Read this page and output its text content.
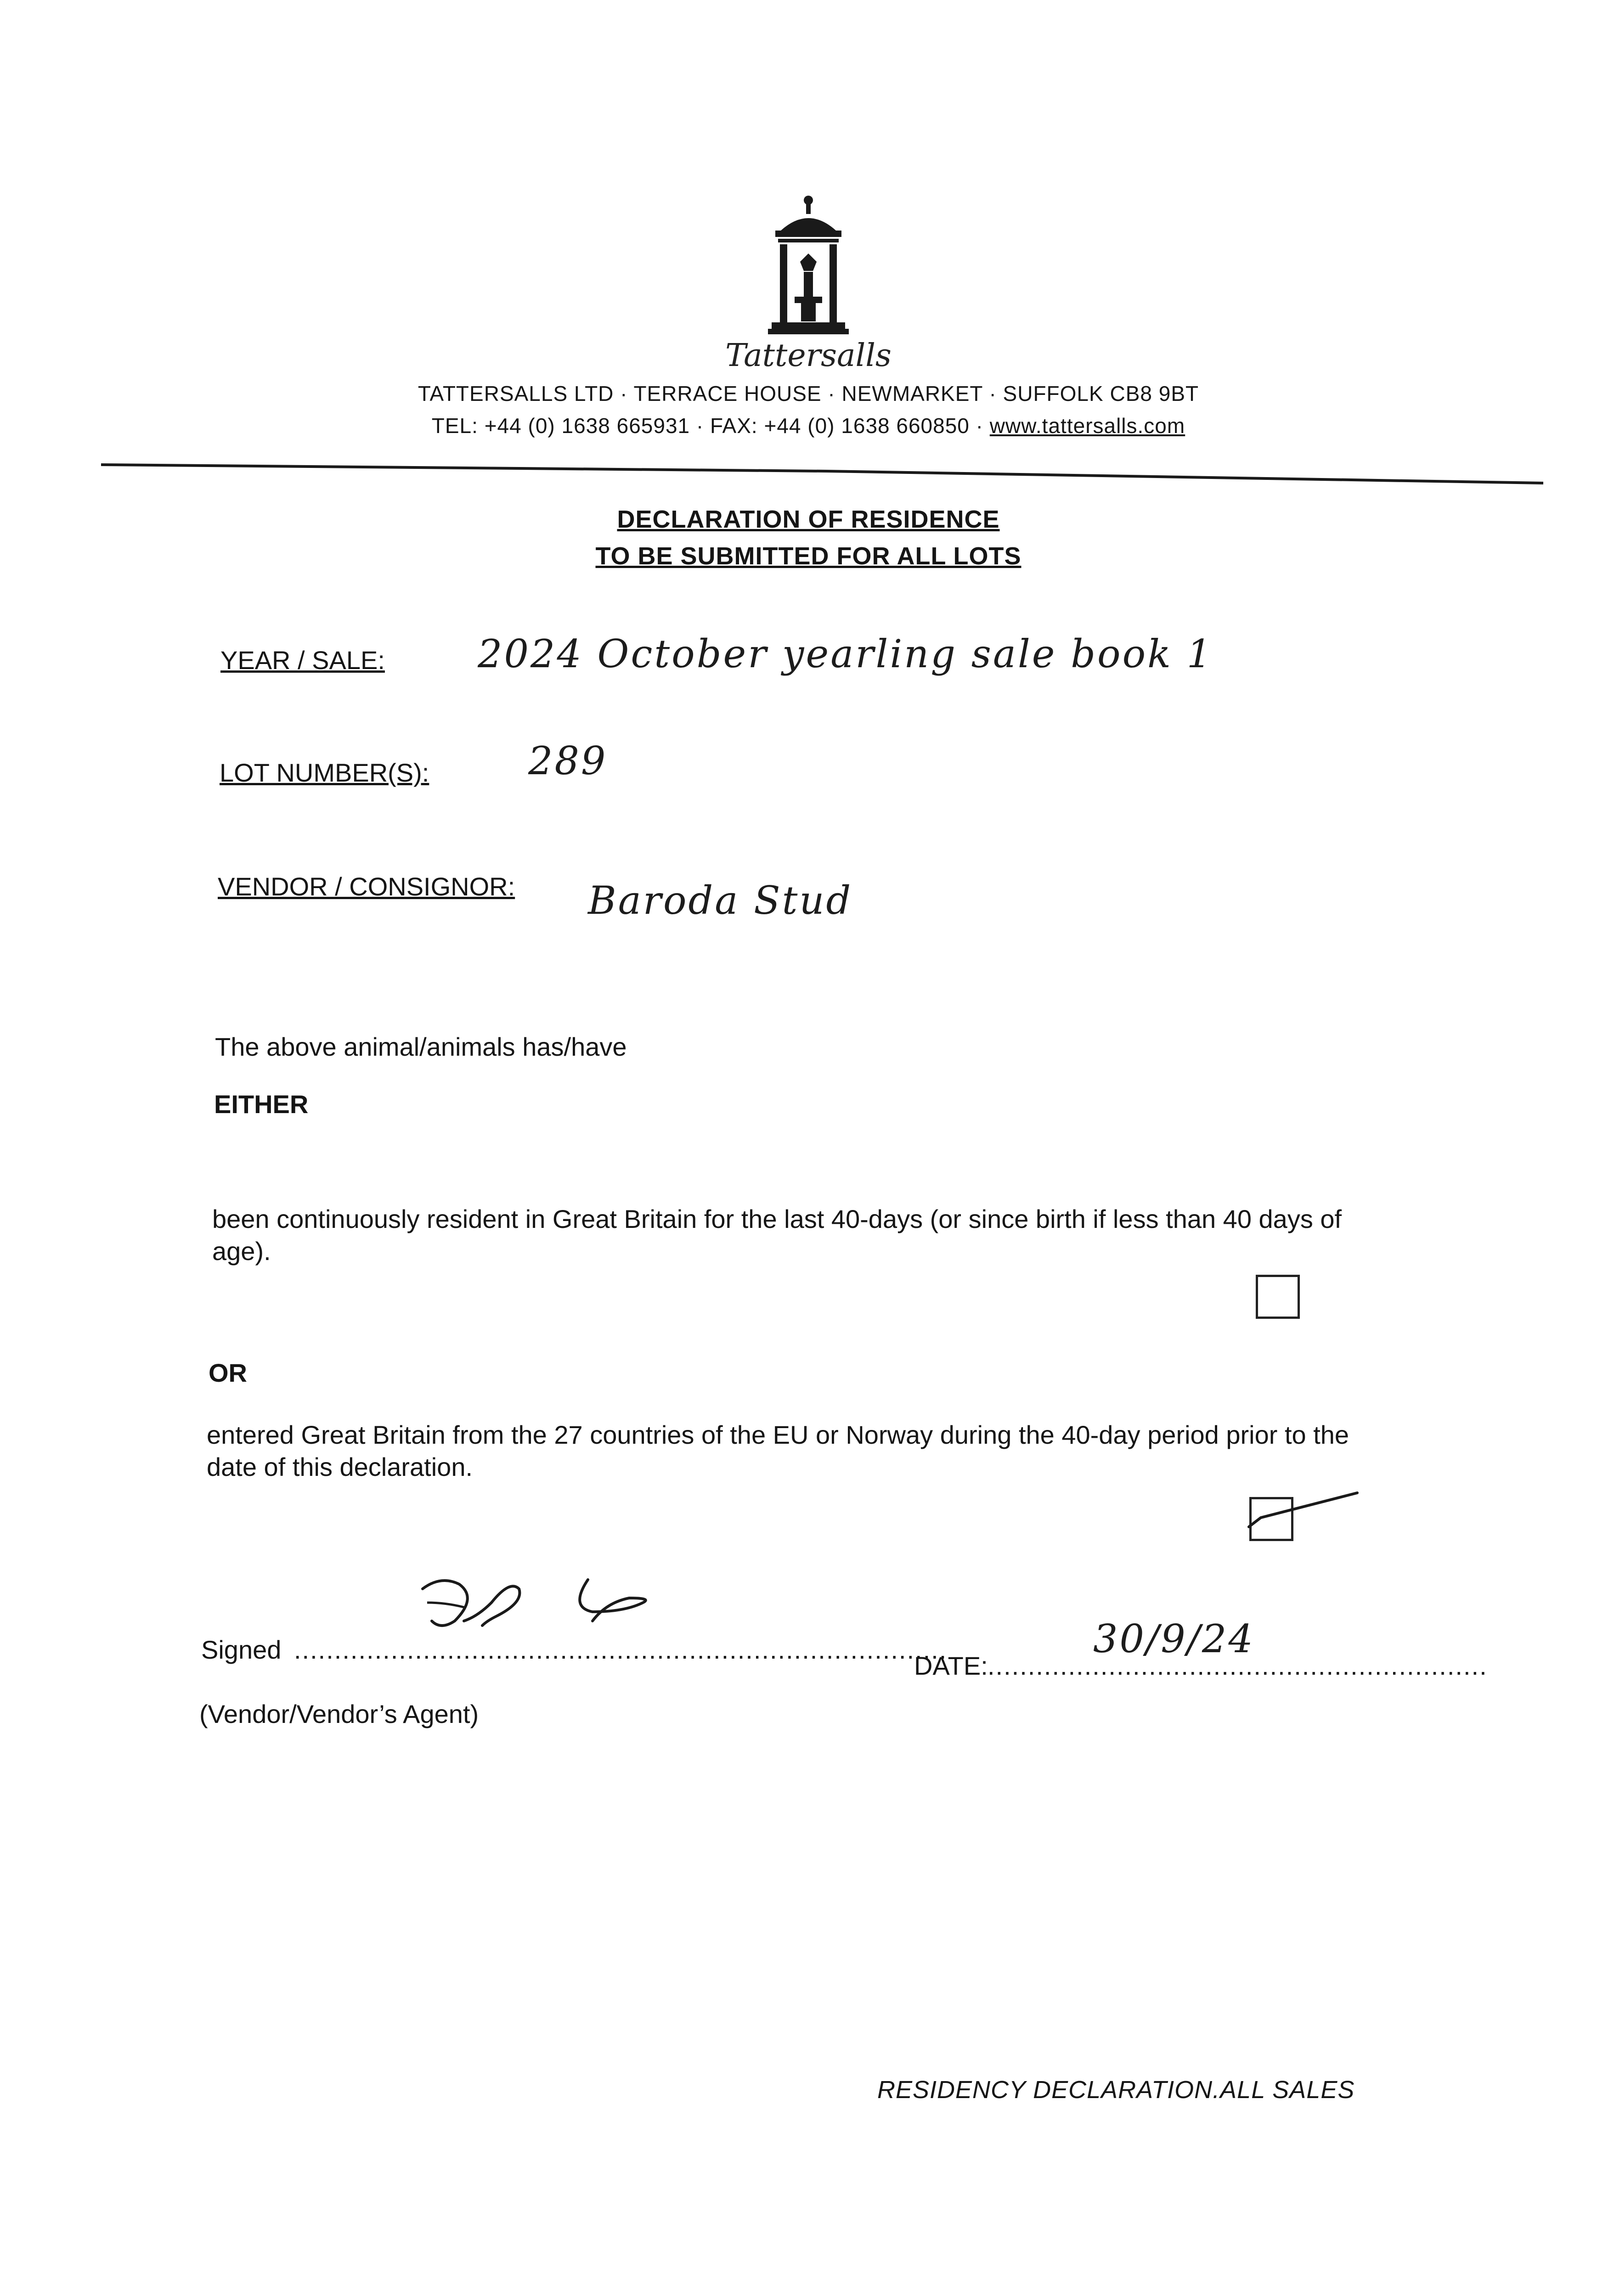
Tattersalls
TATTERSALLS LTD · TERRACE HOUSE · NEWMARKET · SUFFOLK CB8 9BT
TEL: +44 (0) 1638 665931 · FAX: +44 (0) 1638 660850 · www.tattersalls.com
DECLARATION OF RESIDENCE
TO BE SUBMITTED FOR ALL LOTS
YEAR / SALE: 2024 October yearling sale book 1
LOT NUMBER(S):	289
VENDOR / CONSIGNOR: Baroda Stud
The above animal/animals has/have
EITHER
been continuously resident in Great Britain for the last 40-days (or since birth if less than 40 days of age).
OR
entered Great Britain from the 27 countries of the EU or Norway during the 40-day period prior to the date of this declaration.
Signed .................................................................................
(Vendor/Vendor’s Agent)
DATE: ..............................................................
30/9/24
RESIDENCY DECLARATION.ALL SALES
